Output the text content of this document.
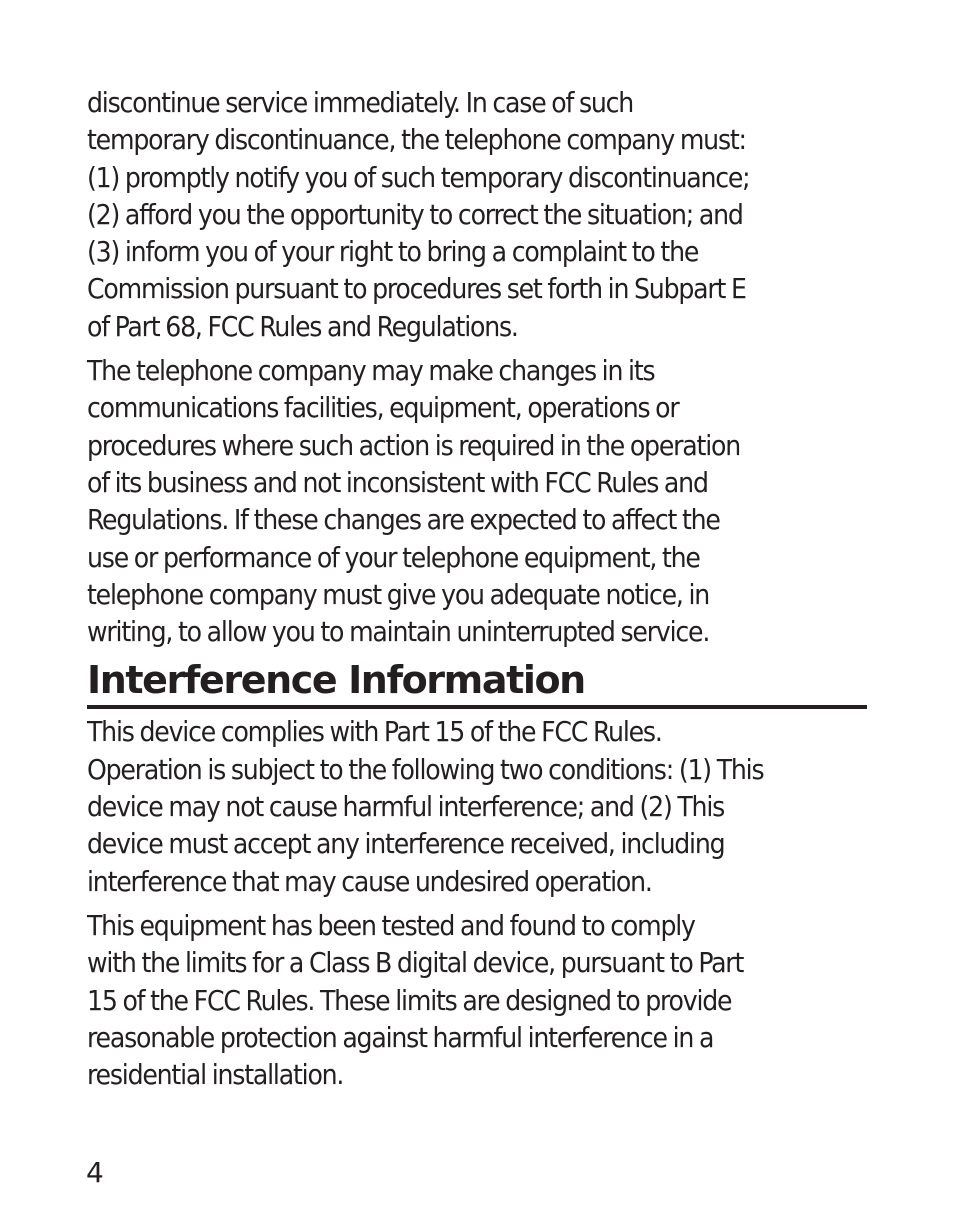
discontinue service immediately. In case of such
temporary discontinuance, the telephone company must:
(1) promptly notify you of such temporary discontinuance;
(2) afford you the opportunity to correct the situation; and
(3) inform you of your right to bring a complaint to the
Commission pursuant to procedures set forth in Subpart E
of Part 68, FCC Rules and Regulations.
The telephone company may make changes in its
communications facilities, equipment, operations or
procedures where such action is required in the operation
of its business and not inconsistent with FCC Rules and
Regulations. If these changes are expected to affect the
use or performance of your telephone equipment, the
telephone company must give you adequate notice, in
writing, to allow you to maintain uninterrupted service.
Interference Information
This device complies with Part 15 of the FCC Rules.
Operation is subject to the following two conditions: (1) This
device may not cause harmful interference; and (2) This
device must accept any interference received, including
interference that may cause undesired operation.
This equipment has been tested and found to comply
with the limits for a Class B digital device, pursuant to Part
15 of the FCC Rules. These limits are designed to provide
reasonable protection against harmful interference in a
residential installation.
4
